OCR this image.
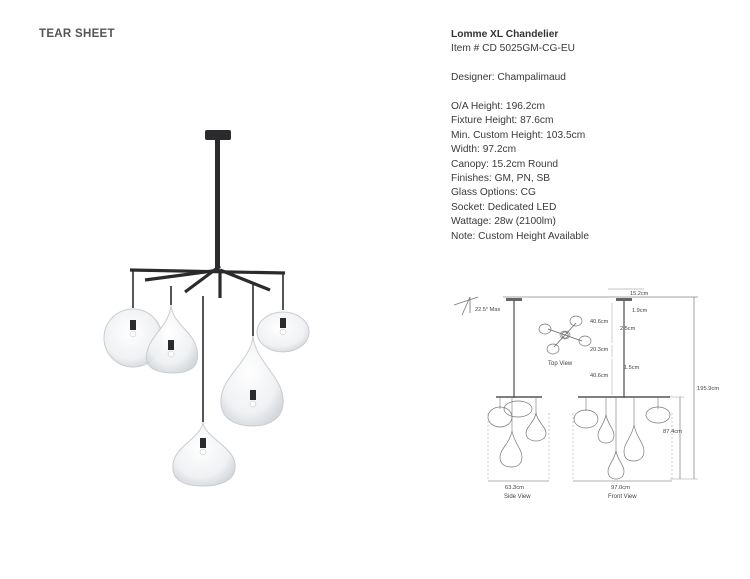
TEAR SHEET	Lomme XL Chandelier
Item # CD 5025GM-CG-EU
Designer: Champalimaud
O/A Height: 196.2cm
Fixture Height: 87.6cm
Min. Custom Height: 103.5cm
Width: 97.2cm
Canopy: 15.2cm Round
Finishes: GM, PN, SB
Glass Options: CG
Socket: Dedicated LED
Wattage: 28w (2100lm)
Note: Custom Height Available
22.5° Max
63.3cm
Side View
Top View
97.0cm
Front View
15.2cm
1.9cm
40.6cm
2.5cm
20.3cm
1.5cm
40.6cm
195.9cm
87.4cm
